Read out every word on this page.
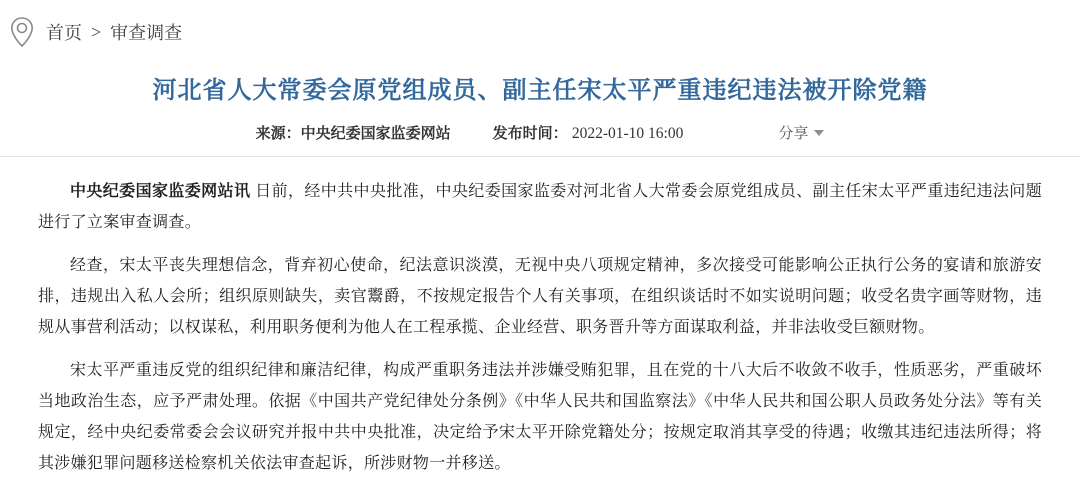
首页 > 审查调查
河北省人大常委会原党组成员、副主任宋太平严重违纪违法被开除党籍
来源：中央纪委国家监委网站	发布时间： 2022-01-10 16:00	分享

中央纪委国家监委网站讯 日前，经中共中央批准，中央纪委国家监委对河北省人大常委会原党组成员、副主任宋太平严重违纪违法问题进行了立案审查调查。

经查，宋太平丧失理想信念，背弃初心使命，纪法意识淡漠，无视中央八项规定精神，多次接受可能影响公正执行公务的宴请和旅游安排，违规出入私人会所；组织原则缺失，卖官鬻爵，不按规定报告个人有关事项，在组织谈话时不如实说明问题；收受名贵字画等财物，违规从事营利活动；以权谋私，利用职务便利为他人在工程承揽、企业经营、职务晋升等方面谋取利益，并非法收受巨额财物。

宋太平严重违反党的组织纪律和廉洁纪律，构成严重职务违法并涉嫌受贿犯罪，且在党的十八大后不收敛不收手，性质恶劣，严重破坏当地政治生态，应予严肃处理。依据《中国共产党纪律处分条例》《中华人民共和国监察法》《中华人民共和国公职人员政务处分法》等有关规定，经中央纪委常委会会议研究并报中共中央批准，决定给予宋太平开除党籍处分；按规定取消其享受的待遇；收缴其违纪违法所得；将其涉嫌犯罪问题移送检察机关依法审查起诉，所涉财物一并移送。
